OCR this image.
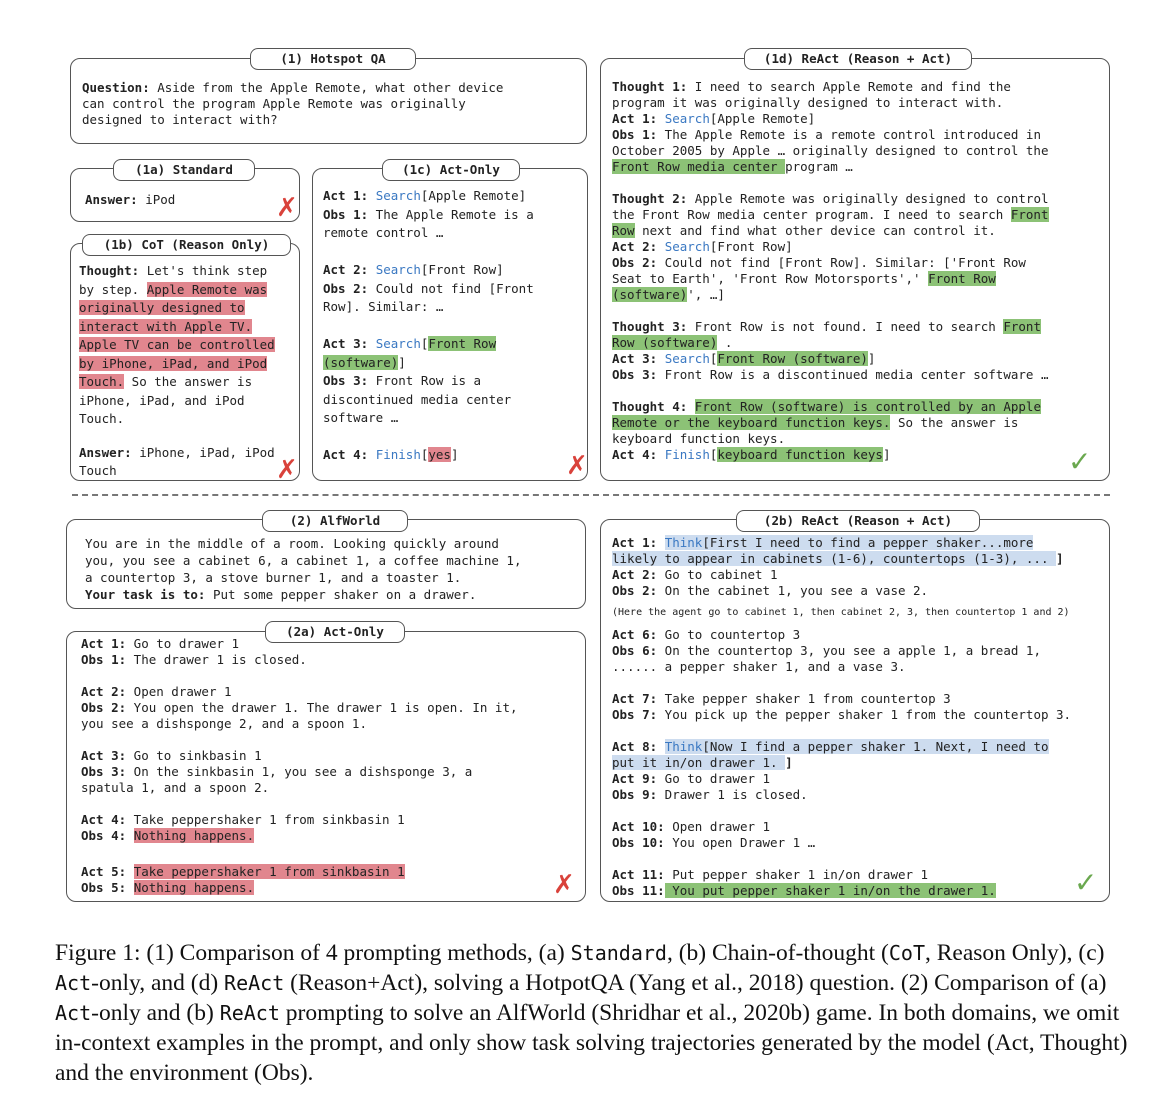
(1) Hotspot QA
Question: Aside from the Apple Remote, what other device
can control the program Apple Remote was originally
designed to interact with?
(1a) Standard
Answer: iPod	✗
(1b) CoT (Reason Only)
Thought: Let's think step
by step. Apple Remote was
originally designed to
interact with Apple TV.
Apple TV can be controlled
by iPhone, iPad, and iPod
Touch. So the answer is
iPhone, iPad, and iPod
Touch.
Answer: iPhone, iPad, iPod
Touch	✗
(1c) Act-Only
Act 1: Search[Apple Remote]
Obs 1: The Apple Remote is a
remote control …

Act 2: Search[Front Row]
Obs 2: Could not find [Front
Row]. Similar: …

Act 3: Search[Front Row
(software)]
Obs 3: Front Row is a
discontinued media center
software …

Act 4: Finish[yes]	✗
(1d) ReAct (Reason + Act)
Thought 1: I need to search Apple Remote and find the
program it was originally designed to interact with.
Act 1: Search[Apple Remote]
Obs 1: The Apple Remote is a remote control introduced in
October 2005 by Apple … originally designed to control the
Front Row media center program …

Thought 2: Apple Remote was originally designed to control
the Front Row media center program. I need to search Front
Row next and find what other device can control it.
Act 2: Search[Front Row]
Obs 2: Could not find [Front Row]. Similar: ['Front Row
Seat to Earth', 'Front Row Motorsports',' Front Row
(software)', …]

Thought 3: Front Row is not found. I need to search Front
Row (software) .
Act 3: Search[Front Row (software)]
Obs 3: Front Row is a discontinued media center software …

Thought 4: Front Row (software) is controlled by an Apple
Remote or the keyboard function keys. So the answer is
keyboard function keys.
Act 4: Finish[keyboard function keys]	✓
(2) AlfWorld
You are in the middle of a room. Looking quickly around
you, you see a cabinet 6, a cabinet 1, a coffee machine 1,
a countertop 3, a stove burner 1, and a toaster 1.
Your task is to: Put some pepper shaker on a drawer.
(2a) Act-Only
Act 1: Go to drawer 1
Obs 1: The drawer 1 is closed.

Act 2: Open drawer 1
Obs 2: You open the drawer 1. The drawer 1 is open. In it,
you see a dishsponge 2, and a spoon 1.

Act 3: Go to sinkbasin 1
Obs 3: On the sinkbasin 1, you see a dishsponge 3, a
spatula 1, and a spoon 2.

Act 4: Take peppershaker 1 from sinkbasin 1
Obs 4: Nothing happens.

Act 5: Take peppershaker 1 from sinkbasin 1
Obs 5: Nothing happens.	✗
(2b) ReAct (Reason + Act)
Act 1: Think[First I need to find a pepper shaker...more
likely to appear in cabinets (1-6), countertops (1-3), ... ]
Act 2: Go to cabinet 1
Obs 2: On the cabinet 1, you see a vase 2.
(Here the agent go to cabinet 1, then cabinet 2, 3, then countertop 1 and 2)
Act 6: Go to countertop 3
Obs 6: On the countertop 3, you see a apple 1, a bread 1,
...... a pepper shaker 1, and a vase 3.

Act 7: Take pepper shaker 1 from countertop 3
Obs 7: You pick up the pepper shaker 1 from the countertop 3.

Act 8: Think[Now I find a pepper shaker 1. Next, I need to
put it in/on drawer 1. ]
Act 9: Go to drawer 1
Obs 9: Drawer 1 is closed.

Act 10: Open drawer 1
Obs 10: You open Drawer 1 …

Act 11: Put pepper shaker 1 in/on drawer 1
Obs 11: You put pepper shaker 1 in/on the drawer 1.	✓
Figure 1: (1) Comparison of 4 prompting methods, (a) Standard, (b) Chain-of-thought (CoT, Reason Only), (c) Act-only, and (d) ReAct (Reason+Act), solving a HotpotQA (Yang et al., 2018) question. (2) Comparison of (a) Act-only and (b) ReAct prompting to solve an AlfWorld (Shridhar et al., 2020b) game. In both domains, we omit in-context examples in the prompt, and only show task solving trajectories generated by the model (Act, Thought) and the environment (Obs).
